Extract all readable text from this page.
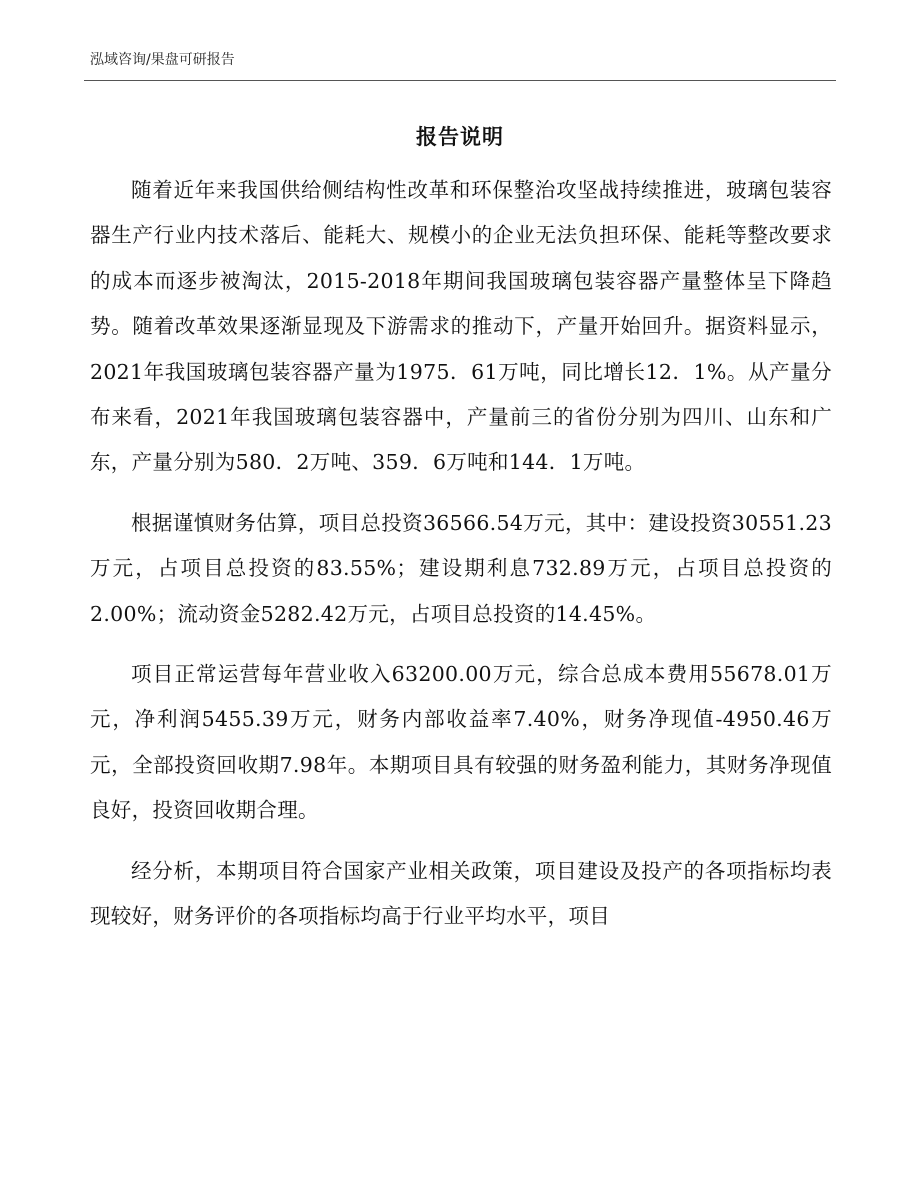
泓域咨询/果盘可研报告
报告说明

随着近年来我国供给侧结构性改革和环保整治攻坚战持续推进，玻璃包装容器生产行业内技术落后、能耗大、规模小的企业无法负担环保、能耗等整改要求的成本而逐步被淘汰，2015-2018年期间我国玻璃包装容器产量整体呈下降趋势。随着改革效果逐渐显现及下游需求的推动下，产量开始回升。据资料显示，2021年我国玻璃包装容器产量为1975．61万吨，同比增长12．1%。从产量分布来看，2021年我国玻璃包装容器中，产量前三的省份分别为四川、山东和广东，产量分别为580．2万吨、359．6万吨和144．1万吨。

根据谨慎财务估算，项目总投资36566.54万元，其中：建设投资30551.23万元，占项目总投资的83.55%；建设期利息732.89万元，占项目总投资的2.00%；流动资金5282.42万元，占项目总投资的14.45%。

项目正常运营每年营业收入63200.00万元，综合总成本费用55678.01万元，净利润5455.39万元，财务内部收益率7.40%，财务净现值-4950.46万元，全部投资回收期7.98年。本期项目具有较强的财务盈利能力，其财务净现值良好，投资回收期合理。

经分析，本期项目符合国家产业相关政策，项目建设及投产的各项指标均表现较好，财务评价的各项指标均高于行业平均水平，项目
